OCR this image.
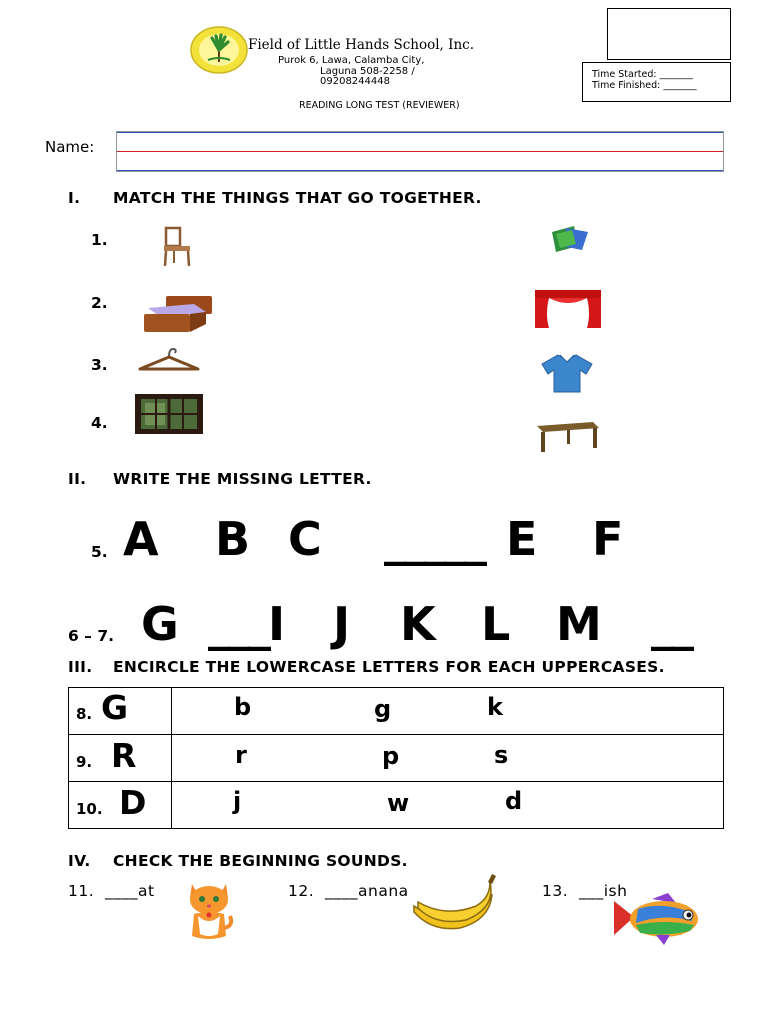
Field of Little Hands School, Inc.
Purok 6, Lawa, Calamba City,
Laguna 508-2258 /
09208244448
READING LONG TEST (REVIEWER)
Time Started: _______
Time Finished: _______
Name:
I. MATCH THE THINGS THAT GO TOGETHER.
1.
2.
3.
4.
II. WRITE THE MISSING LETTER.
5. A B C _____ E F
6 – 7. G ___I J K L M __
III. ENCIRCLE THE LOWERCASE LETTERS FOR EACH UPPERCASES.
8. G	b g k

9. R	r p s

10. D	j w d
IV. CHECK THE BEGINNING SOUNDS.
11. ____at	12. ____anana	13. ___ish
